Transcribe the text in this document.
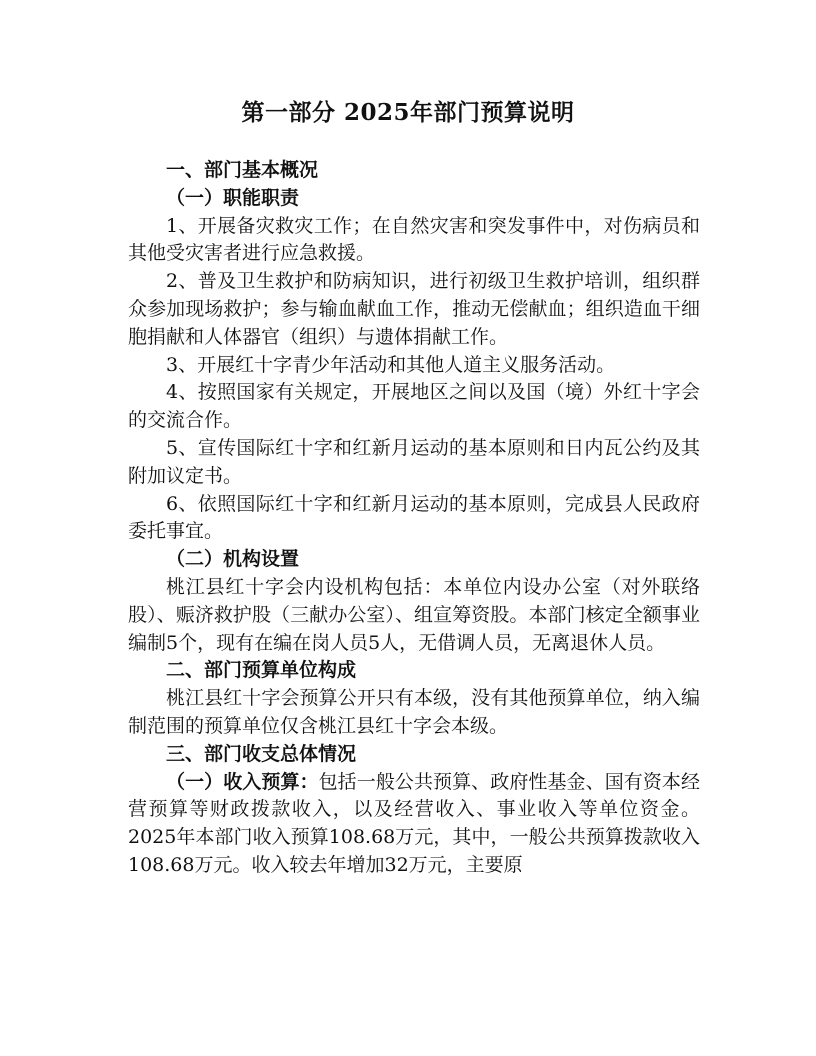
第一部分 2025年部门预算说明

一、部门基本概况

（一）职能职责

1、开展备灾救灾工作；在自然灾害和突发事件中，对伤病员和其他受灾害者进行应急救援。

2、普及卫生救护和防病知识，进行初级卫生救护培训，组织群众参加现场救护；参与输血献血工作，推动无偿献血；组织造血干细胞捐献和人体器官（组织）与遗体捐献工作。

3、开展红十字青少年活动和其他人道主义服务活动。

4、按照国家有关规定，开展地区之间以及国（境）外红十字会的交流合作。

5、宣传国际红十字和红新月运动的基本原则和日内瓦公约及其附加议定书。

6、依照国际红十字和红新月运动的基本原则，完成县人民政府委托事宜。

（二）机构设置

桃江县红十字会内设机构包括：本单位内设办公室（对外联络股）、赈济救护股（三献办公室）、组宣筹资股。本部门核定全额事业编制5个，现有在编在岗人员5人，无借调人员，无离退休人员。

二、部门预算单位构成

桃江县红十字会预算公开只有本级，没有其他预算单位，纳入编制范围的预算单位仅含桃江县红十字会本级。

三、部门收支总体情况

（一）收入预算：包括一般公共预算、政府性基金、国有资本经营预算等财政拨款收入，以及经营收入、事业收入等单位资金。2025年本部门收入预算108.68万元，其中，一般公共预算拨款收入108.68万元。收入较去年增加32万元，主要原
